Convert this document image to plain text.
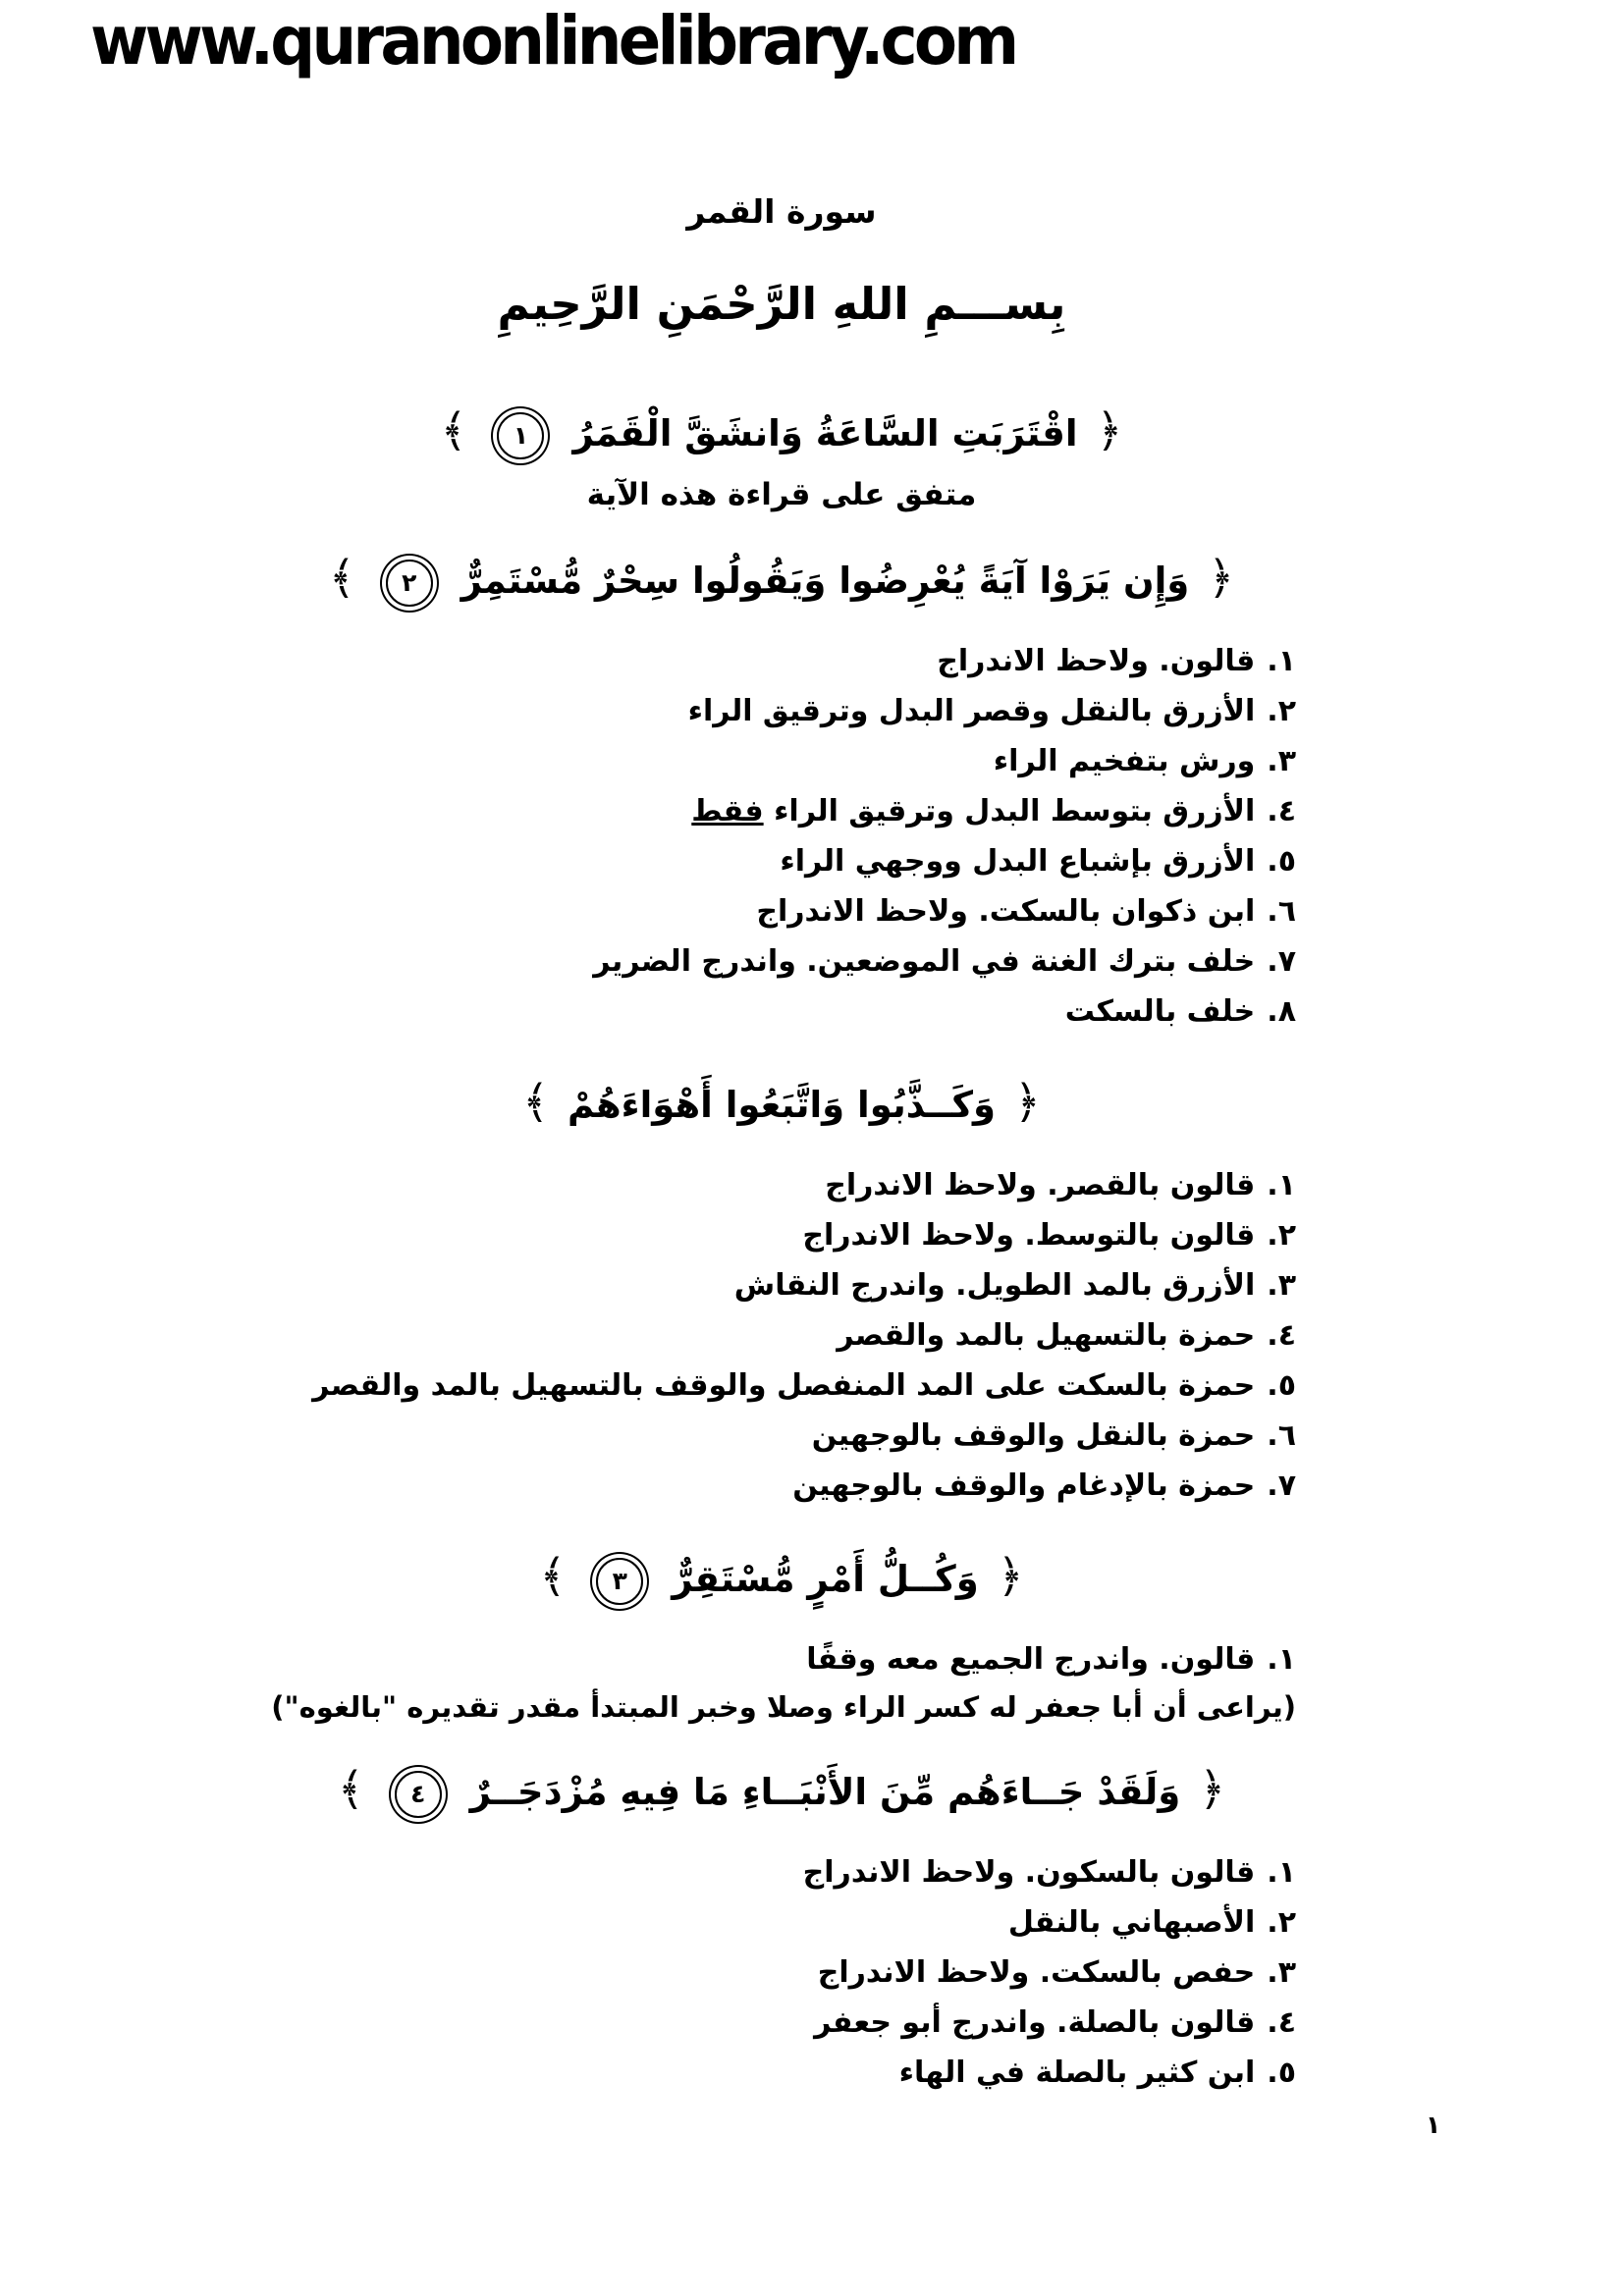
www.quranonlinelibrary.com
سورة القمر
بِســـمِ اللهِ الرَّحْمَنِ الرَّحِيمِ
﴿ اقْتَرَبَتِ السَّاعَةُ وَانشَقَّ الْقَمَرُ ١ ﴾
متفق على قراءة هذه الآية
﴿ وَإِن يَرَوْا آيَةً يُعْرِضُوا وَيَقُولُوا سِحْرٌ مُّسْتَمِرٌّ ٢ ﴾
١.قالون. ولاحظ الاندراج
٢.الأزرق بالنقل وقصر البدل وترقيق الراء
٣.ورش بتفخيم الراء
٤.الأزرق بتوسط البدل وترقيق الراء فقط
٥.الأزرق بإشباع البدل ووجهي الراء
٦.ابن ذكوان بالسكت. ولاحظ الاندراج
٧.خلف بترك الغنة في الموضعين. واندرج الضرير
٨.خلف بالسكت
﴿ وَكَــذَّبُوا وَاتَّبَعُوا أَهْوَاءَهُمْ ﴾
١.قالون بالقصر. ولاحظ الاندراج
٢.قالون بالتوسط. ولاحظ الاندراج
٣.الأزرق بالمد الطويل. واندرج النقاش
٤.حمزة بالتسهيل بالمد والقصر
٥.حمزة بالسكت على المد المنفصل والوقف بالتسهيل بالمد والقصر
٦.حمزة بالنقل والوقف بالوجهين
٧.حمزة بالإدغام والوقف بالوجهين
﴿ وَكُــلُّ أَمْرٍ مُّسْتَقِرٌّ ٣ ﴾
١.قالون. واندرج الجميع معه وقفًا
(يراعى أن أبا جعفر له كسر الراء وصلا وخبر المبتدأ مقدر تقديره "بالغوه")
﴿ وَلَقَدْ جَــاءَهُم مِّنَ الأَنْبَــاءِ مَا فِيهِ مُزْدَجَــرٌ ٤ ﴾
١.قالون بالسكون. ولاحظ الاندراج
٢.الأصبهاني بالنقل
٣.حفص بالسكت. ولاحظ الاندراج
٤.قالون بالصلة. واندرج أبو جعفر
٥.ابن كثير بالصلة في الهاء
١
